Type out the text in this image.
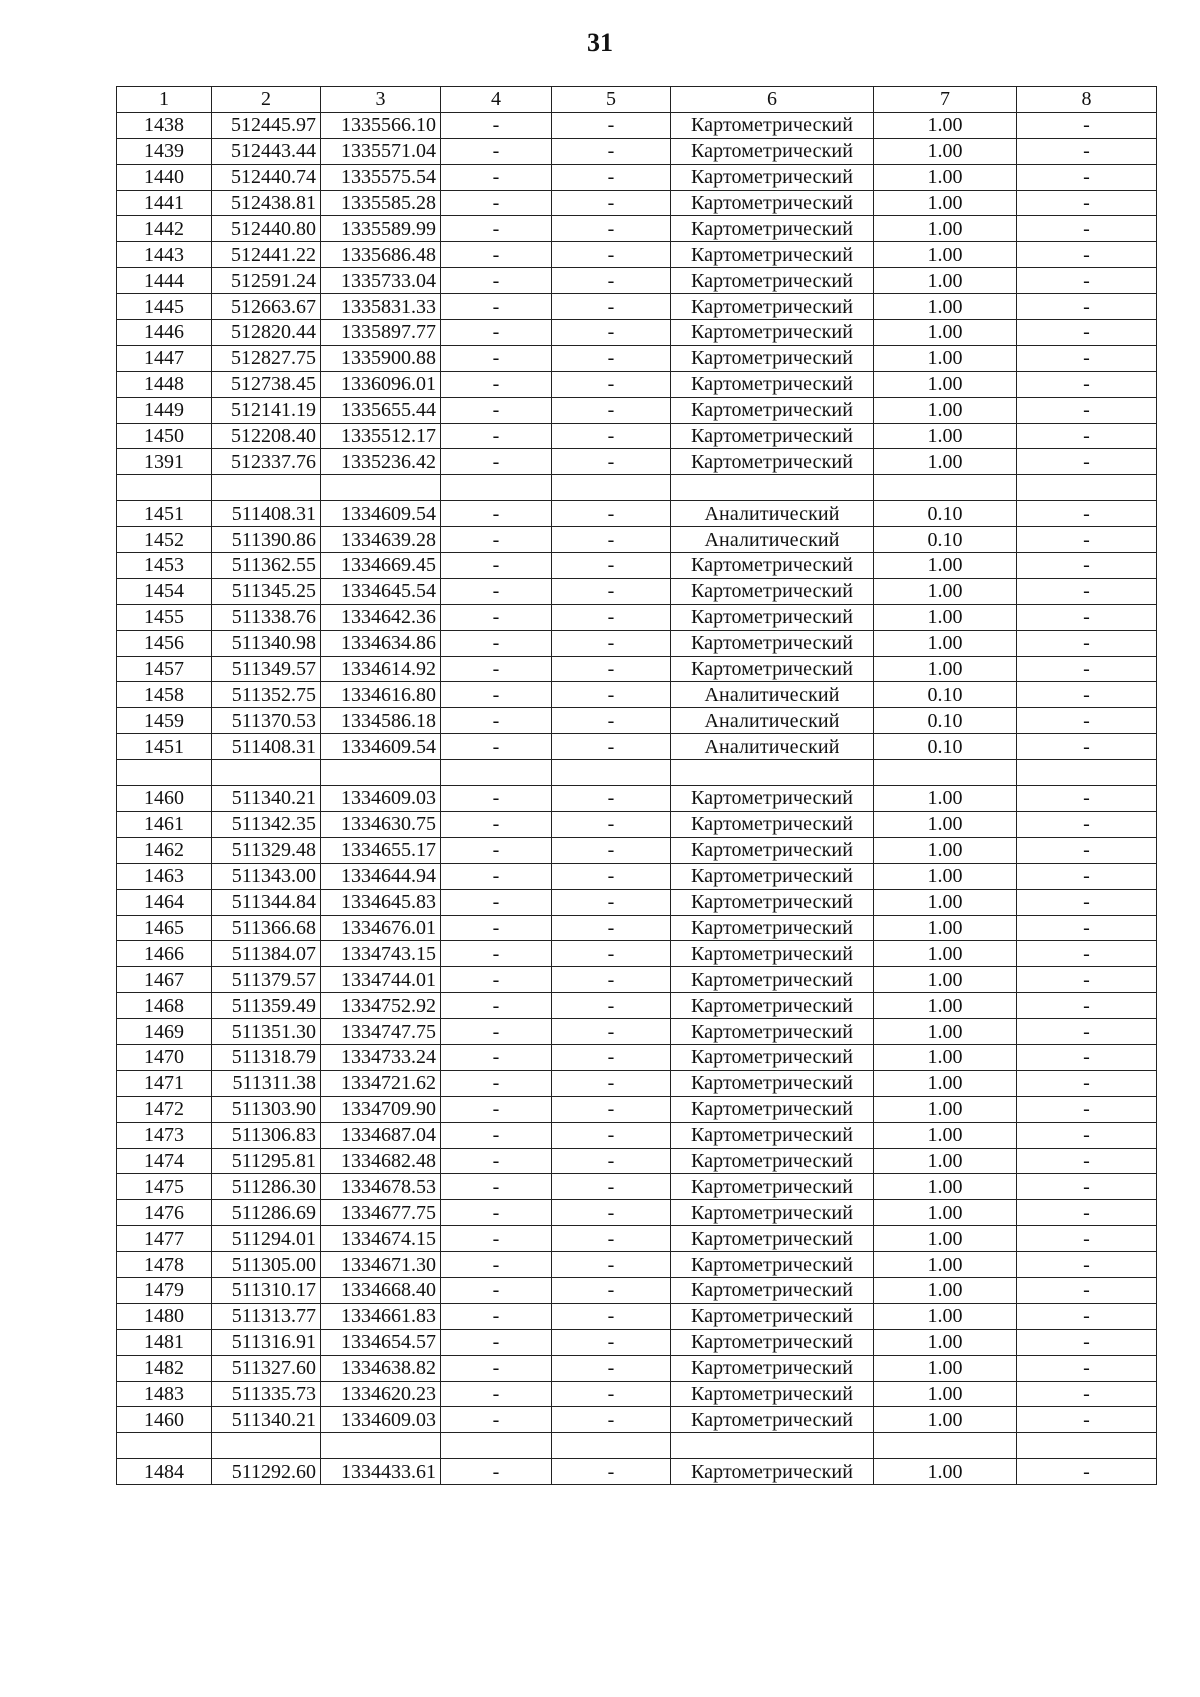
31
1	2	3	4	5	6	7	8
1438	512445.97	1335566.10	-	-	Картометрический	1.00	-
1439	512443.44	1335571.04	-	-	Картометрический	1.00	-
1440	512440.74	1335575.54	-	-	Картометрический	1.00	-
1441	512438.81	1335585.28	-	-	Картометрический	1.00	-
1442	512440.80	1335589.99	-	-	Картометрический	1.00	-
1443	512441.22	1335686.48	-	-	Картометрический	1.00	-
1444	512591.24	1335733.04	-	-	Картометрический	1.00	-
1445	512663.67	1335831.33	-	-	Картометрический	1.00	-
1446	512820.44	1335897.77	-	-	Картометрический	1.00	-
1447	512827.75	1335900.88	-	-	Картометрический	1.00	-
1448	512738.45	1336096.01	-	-	Картометрический	1.00	-
1449	512141.19	1335655.44	-	-	Картометрический	1.00	-
1450	512208.40	1335512.17	-	-	Картометрический	1.00	-
1391	512337.76	1335236.42	-	-	Картометрический	1.00	-

1451	511408.31	1334609.54	-	-	Аналитический	0.10	-
1452	511390.86	1334639.28	-	-	Аналитический	0.10	-
1453	511362.55	1334669.45	-	-	Картометрический	1.00	-
1454	511345.25	1334645.54	-	-	Картометрический	1.00	-
1455	511338.76	1334642.36	-	-	Картометрический	1.00	-
1456	511340.98	1334634.86	-	-	Картометрический	1.00	-
1457	511349.57	1334614.92	-	-	Картометрический	1.00	-
1458	511352.75	1334616.80	-	-	Аналитический	0.10	-
1459	511370.53	1334586.18	-	-	Аналитический	0.10	-
1451	511408.31	1334609.54	-	-	Аналитический	0.10	-

1460	511340.21	1334609.03	-	-	Картометрический	1.00	-
1461	511342.35	1334630.75	-	-	Картометрический	1.00	-
1462	511329.48	1334655.17	-	-	Картометрический	1.00	-
1463	511343.00	1334644.94	-	-	Картометрический	1.00	-
1464	511344.84	1334645.83	-	-	Картометрический	1.00	-
1465	511366.68	1334676.01	-	-	Картометрический	1.00	-
1466	511384.07	1334743.15	-	-	Картометрический	1.00	-
1467	511379.57	1334744.01	-	-	Картометрический	1.00	-
1468	511359.49	1334752.92	-	-	Картометрический	1.00	-
1469	511351.30	1334747.75	-	-	Картометрический	1.00	-
1470	511318.79	1334733.24	-	-	Картометрический	1.00	-
1471	511311.38	1334721.62	-	-	Картометрический	1.00	-
1472	511303.90	1334709.90	-	-	Картометрический	1.00	-
1473	511306.83	1334687.04	-	-	Картометрический	1.00	-
1474	511295.81	1334682.48	-	-	Картометрический	1.00	-
1475	511286.30	1334678.53	-	-	Картометрический	1.00	-
1476	511286.69	1334677.75	-	-	Картометрический	1.00	-
1477	511294.01	1334674.15	-	-	Картометрический	1.00	-
1478	511305.00	1334671.30	-	-	Картометрический	1.00	-
1479	511310.17	1334668.40	-	-	Картометрический	1.00	-
1480	511313.77	1334661.83	-	-	Картометрический	1.00	-
1481	511316.91	1334654.57	-	-	Картометрический	1.00	-
1482	511327.60	1334638.82	-	-	Картометрический	1.00	-
1483	511335.73	1334620.23	-	-	Картометрический	1.00	-
1460	511340.21	1334609.03	-	-	Картометрический	1.00	-

1484	511292.60	1334433.61	-	-	Картометрический	1.00	-
